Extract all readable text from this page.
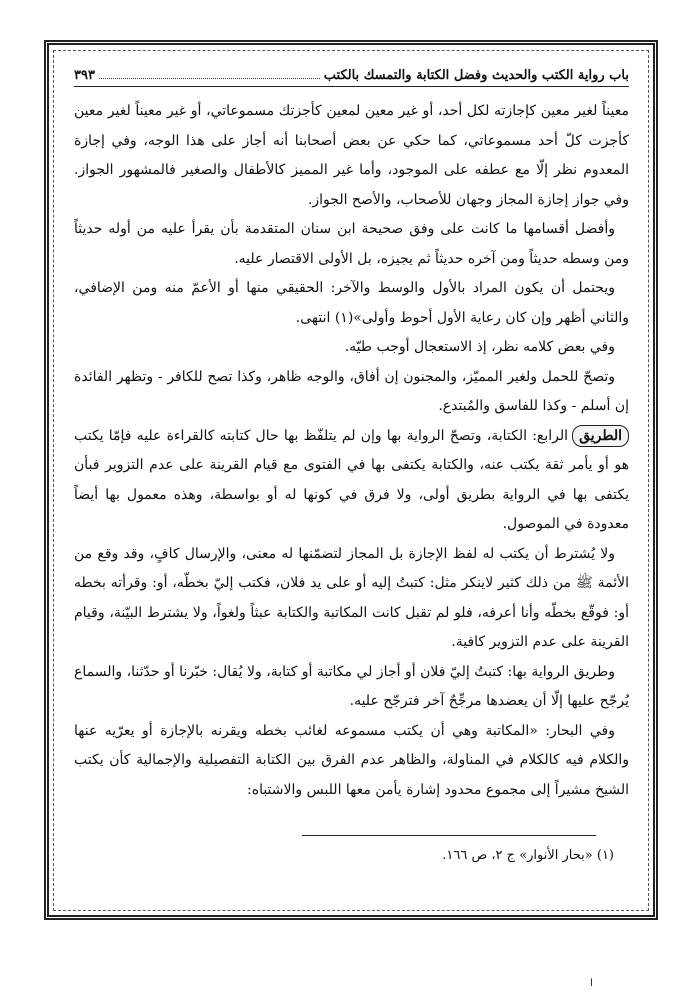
باب رواية الكتب والحديث وفضل الكتابة والتمسك بالكتب
٣٩٣

معيناً لغير معين كإجازته لكل أحد، أو غير معين لمعين كأجزتك مسموعاتي، أو غير معيناً لغير معين كأجزت كلّ أحد مسموعاتي، كما حكي عن بعض أصحابنا أنه أجاز على هذا الوجه، وفي إجازة المعدوم نظر إلّا مع عطفه على الموجود، وأما غير المميز كالأطفال والصغير فالمشهور الجواز. وفي جواز إجازة المجاز وجهان للأصحاب، والأصح الجواز.

وأفضل أقسامها ما كانت على وفق صحيحة ابن سنان المتقدمة بأن يقرأ عليه من أوله حديثاً ومن وسطه حديثاً ومن آخره حديثاً ثم يجيزه، بل الأولى الاقتصار عليه.

ويحتمل أن يكون المراد بالأول والوسط والآخر: الحقيقي منها أو الأعمّ منه ومن الإضافي، والثاني أظهر وإن كان رعاية الأول أحوط وأولى»(١) انتهى.

وفي بعض كلامه نظر، إذ الاستعجال أوجب طيّه.

وتصحّ للحمل ولغير المميّز، والمجنون إن أفاق، والوجه ظاهر، وكذا تصح للكافر - وتظهر الفائدة إن أسلم - وكذا للفاسق والمُبتدع.

الطريقالرابع: الكتابة، وتصحّ الرواية بها وإن لم يتلفّظ بها حال كتابته كالقراءة عليه فإمّا يكتب هو أو يأمر ثقة يكتب عنه، والكتابة يكتفى بها في الفتوى مع قيام القرينة على عدم التزوير فبأن يكتفى بها في الرواية بطريق أولى، ولا فرق في كونها له أو بواسطة، وهذه معمول بها أيضاً معدودة في الموصول.

ولا يُشترط أن يكتب له لفظ الإجازة بل المجاز لتضمّنها له معنى، والإرسال كافٍ، وقد وقع من الأئمة ﷺ من ذلك كثير لاينكر مثل: كتبتُ إليه أو على يد فلان، فكتب إليّ بخطّه، أو: وقرأته بخطه أو: فوقّع بخطّه وأنا أعرفه، فلو لم تقبل كانت المكاتبة والكتابة عبثاً ولغواً، ولا يشترط البيّنة، وقيام القرينة على عدم التزوير كافية.

وطريق الرواية بها: كتبتُ إليّ فلان أو أجاز لي مكاتبة أو كتابة، ولا يُقال: خبّرنا أو حدّثنا، والسماع يُرجّح عليها إلّا أن يعضدها مرجِّحٌ آخر فترجّح عليه.

وفي البحار: «المكاتبة وهي أن يكتب مسموعه لغائب بخطه ويقرنه بالإجازة أو يعرّيه عنها والكلام فيه كالكلام في المناولة، والظاهر عدم الفرق بين الكتابة التفصيلية والإجمالية كأن يكتب الشيخ مشيراً إلى مجموع محدود إشارة يأمن معها اللبس والاشتباه:

(١) «بحار الأنوار» ج ٢، ص ١٦٦.
ا
